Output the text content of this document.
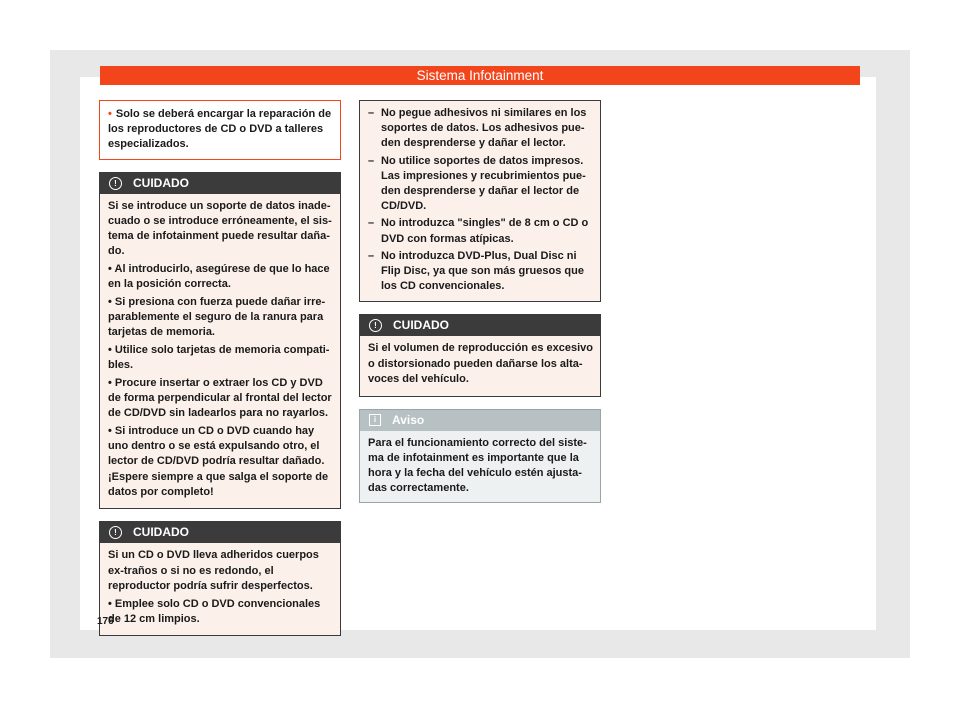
Sistema Infotainment

• Solo se deberá encargar la reparación de los reproductores de CD o DVD a talleres especializados.

!	CUIDADO

Si se introduce un soporte de datos inade-cuado o se introduce erróneamente, el sis-tema de infotainment puede resultar daña-do.

• Al introducirlo, asegúrese de que lo hace en la posición correcta.

• Si presiona con fuerza puede dañar irre-parablemente el seguro de la ranura para tarjetas de memoria.

• Utilice solo tarjetas de memoria compati-bles.

• Procure insertar o extraer los CD y DVD de forma perpendicular al frontal del lector de CD/DVD sin ladearlos para no rayarlos.

• Si introduce un CD o DVD cuando hay uno dentro o se está expulsando otro, el lector de CD/DVD podría resultar dañado. ¡Espere siempre a que salga el soporte de datos por completo!

!	CUIDADO

Si un CD o DVD lleva adheridos cuerpos ex-traños o si no es redondo, el reproductor podría sufrir desperfectos.

• Emplee solo CD o DVD convencionales de 12 cm limpios.

– No pegue adhesivos ni similares en los soportes de datos. Los adhesivos pue-den desprenderse y dañar el lector.
– No utilice soportes de datos impresos. Las impresiones y recubrimientos pue-den desprenderse y dañar el lector de CD/DVD.
– No introduzca "singles" de 8 cm o CD o DVD con formas atípicas.
– No introduzca DVD-Plus, Dual Disc ni Flip Disc, ya que son más gruesos que los CD convencionales.
!	CUIDADO

Si el volumen de reproducción es excesivo o distorsionado pueden dañarse los alta-voces del vehículo.

i	Aviso

Para el funcionamiento correcto del siste-ma de infotainment es importante que la hora y la fecha del vehículo estén ajusta-das correctamente.

176
